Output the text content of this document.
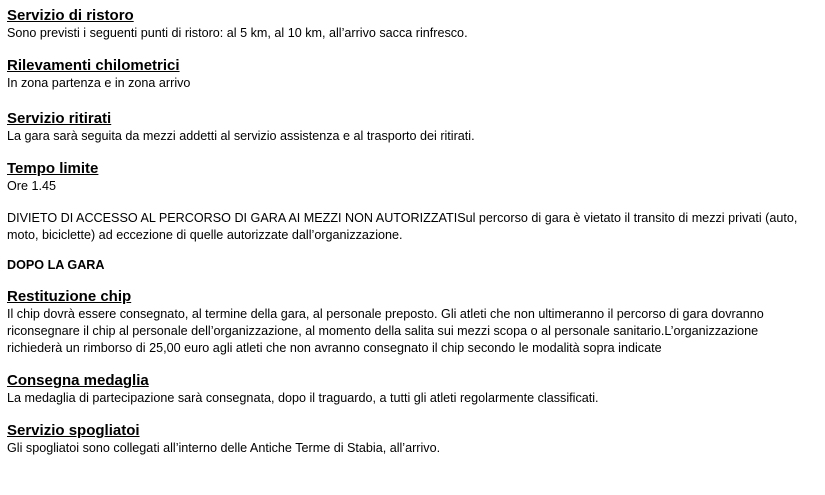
Servizio di ristoro
Sono previsti i seguenti punti di ristoro: al 5 km, al 10 km, all’arrivo sacca rinfresco.
Rilevamenti chilometrici
In zona partenza e in zona arrivo
Servizio ritirati
La gara sarà seguita da mezzi addetti al servizio assistenza e al trasporto dei ritirati.
Tempo limite
Ore 1.45
DIVIETO DI ACCESSO AL PERCORSO DI GARA AI MEZZI NON AUTORIZZATISul percorso di gara è vietato il transito di mezzi privati (auto, moto, biciclette) ad eccezione di quelle autorizzate dall’organizzazione.
DOPO LA GARA
Restituzione chip
Il chip dovrà essere consegnato, al termine della gara, al personale preposto. Gli atleti che non ultimeranno il percorso di gara dovranno riconsegnare il chip al personale dell’organizzazione, al momento della salita sui mezzi scopa o al personale sanitario.L’organizzazione richiederà un rimborso di 25,00 euro agli atleti che non avranno consegnato il chip secondo le modalità sopra indicate
Consegna medaglia
La medaglia di partecipazione sarà consegnata, dopo il traguardo, a tutti gli atleti regolarmente classificati.
Servizio spogliatoi
Gli spogliatoi sono collegati all’interno delle Antiche Terme di Stabia, all’arrivo.
